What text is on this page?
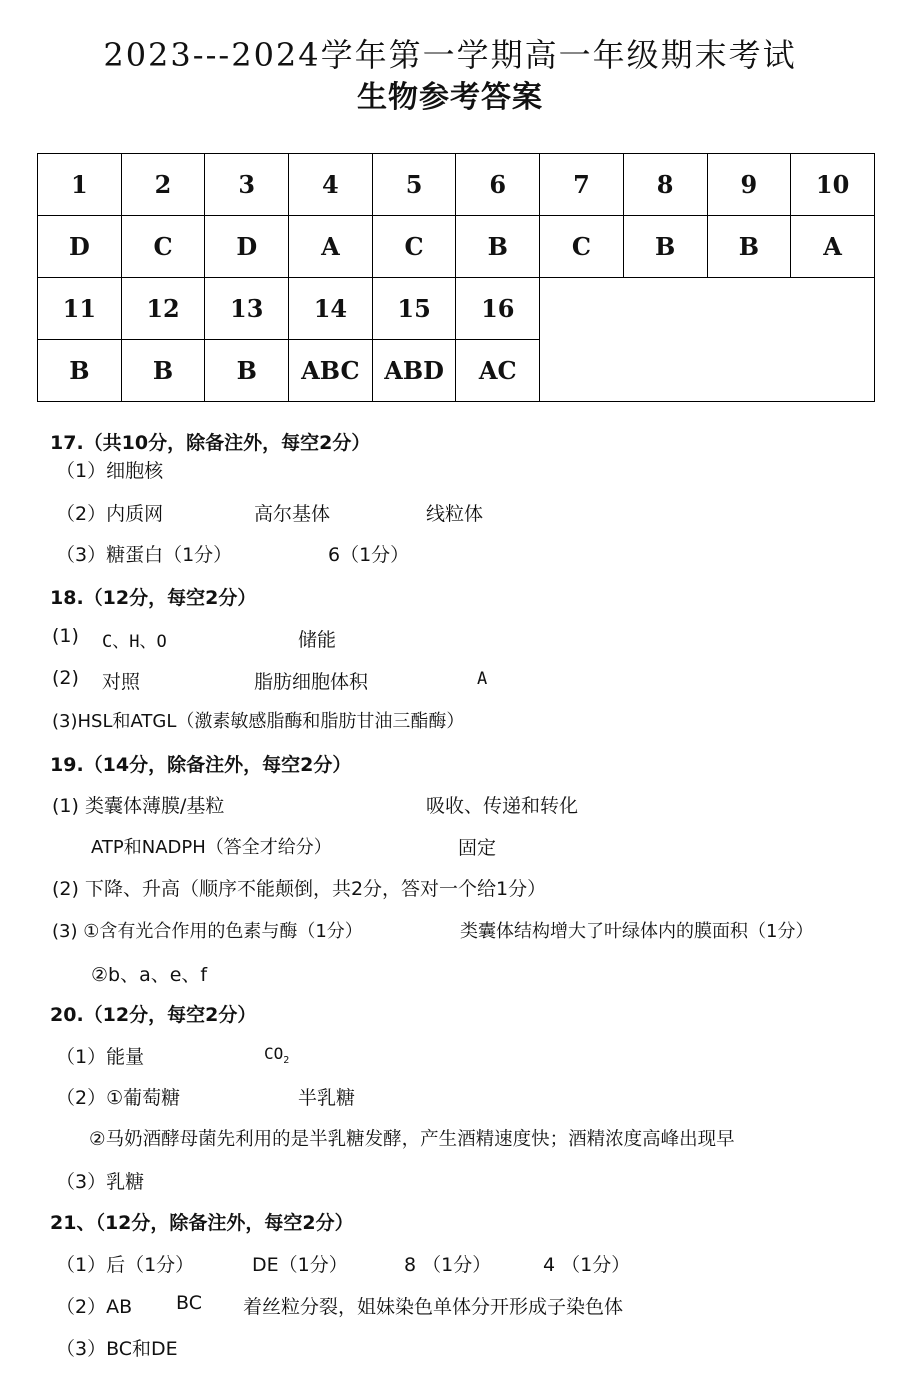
2023---2024学年第一学期高一年级期末考试
生物参考答案
1	2	3	4	5	6	7	8	9	10
D	C	D	A	C	B	C	B	B	A
11	12	13	14	15	16				
B	B	B	ABC	ABD	AC				
17.（共10分，除备注外，每空2分）
（1）细胞核
（2）内质网	高尔基体	线粒体
（3）糖蛋白（1分）	6（1分）
18.（12分，每空2分）
(1) C、H、O	储能
(2) 对照	脂肪细胞体积	A
(3)HSL和ATGL（激素敏感脂酶和脂肪甘油三酯酶）
19.（14分，除备注外，每空2分）
(1) 类囊体薄膜/基粒	吸收、传递和转化
ATP和NADPH（答全才给分）	固定
(2) 下降、升高（顺序不能颠倒，共2分，答对一个给1分）
(3) ①含有光合作用的色素与酶（1分）	类囊体结构增大了叶绿体内的膜面积（1分）
②b、a、e、f
20.（12分，每空2分）
（1）能量	$CO_2$
（2）①葡萄糖	半乳糖
②马奶酒酵母菌先利用的是半乳糖发酵，产生酒精速度快；酒精浓度高峰出现早
（3）乳糖
21、（12分，除备注外，每空2分）
（1）后（1分）	DE（1分）	8 （1分）	4 （1分）
（2）AB BC 着丝粒分裂，姐妹染色单体分开形成子染色体
（3）BC和DE
